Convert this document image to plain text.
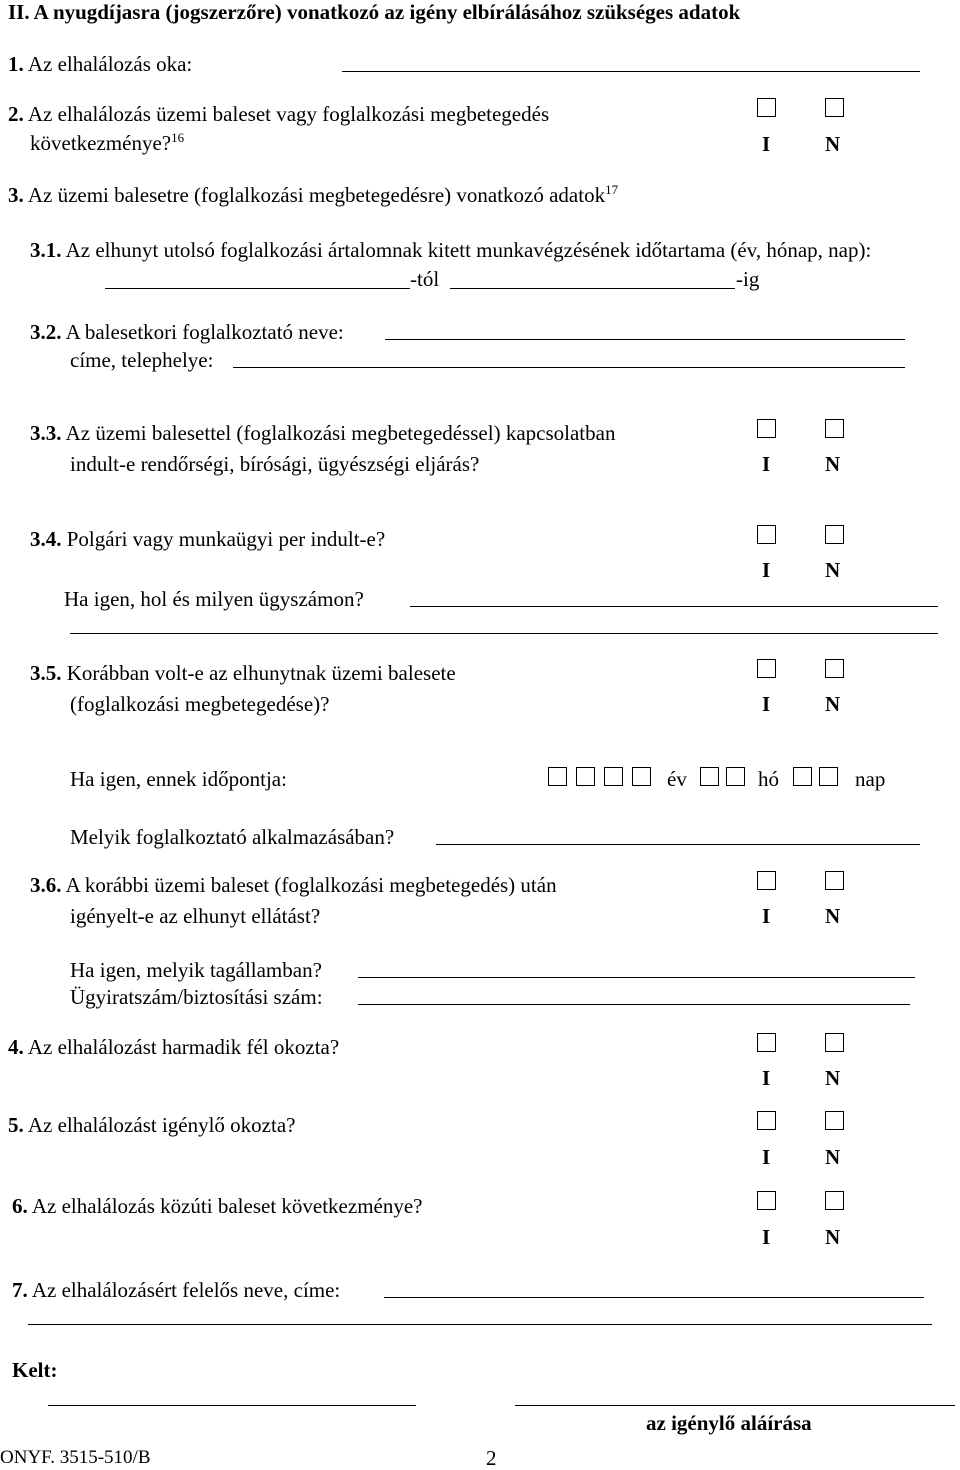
II. A nyugdíjasra (jogszerzőre) vonatkozó az igény elbírálásához szükséges adatok
1. Az elhalálozás oka:
2. Az elhalálozás üzemi baleset vagy foglalkozási megbetegedés
következménye?$^{16}$	I	N
3. Az üzemi balesetre (foglalkozási megbetegedésre) vonatkozó adatok$^{17}$
3.1. Az elhunyt utolsó foglalkozási ártalomnak kitett munkavégzésének időtartama (év, hónap, nap):
-tól	-ig
3.2. A balesetkori foglalkoztató neve:
címe, telephelye:
3.3. Az üzemi balesettel (foglalkozási megbetegedéssel) kapcsolatban
indult-e rendőrségi, bírósági, ügyészségi eljárás?	I	N
3.4. Polgári vagy munkaügyi per indult-e?
I	N
Ha igen, hol és milyen ügyszámon?
3.5. Korábban volt-e az elhunytnak üzemi balesete
(foglalkozási megbetegedése)?	I	N
Ha igen, ennek időpontja:	év	hó	nap
Melyik foglalkoztató alkalmazásában?
3.6. A korábbi üzemi baleset (foglalkozási megbetegedés) után
igényelt-e az elhunyt ellátást?	I	N
Ha igen, melyik tagállamban?
Ügyiratszám/biztosítási szám:
4. Az elhalálozást harmadik fél okozta?
I	N
5. Az elhalálozást igénylő okozta?
I	N
6. Az elhalálozás közúti baleset következménye?
I	N
7. Az elhalálozásért felelős neve, címe:
Kelt:
az igénylő aláírása
ONYF. 3515-510/B	2
